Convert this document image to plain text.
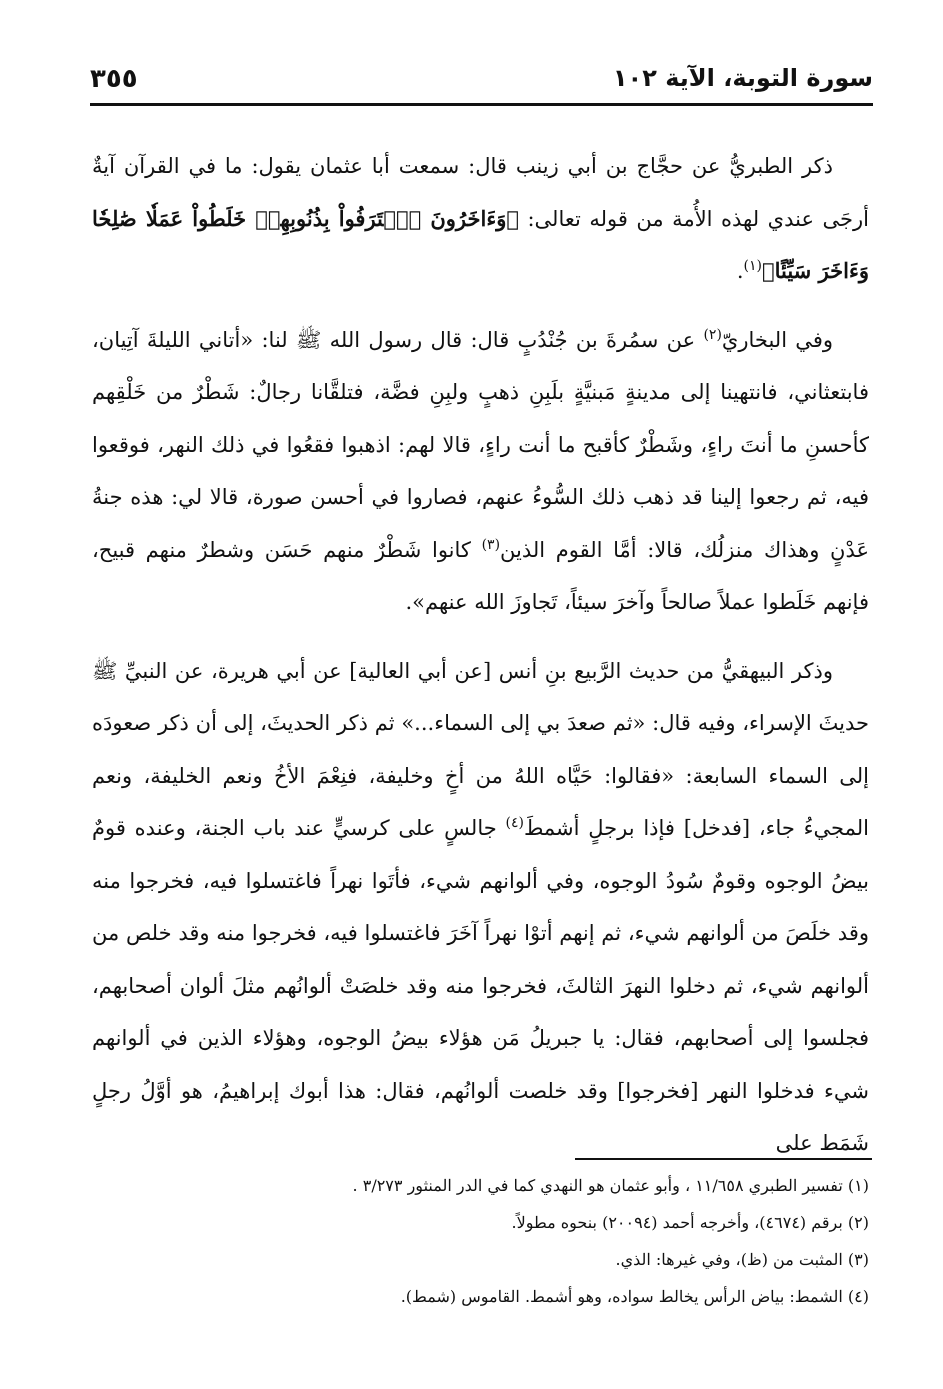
سورة التوبة، الآية ١٠٢
٣٥٥

ذكر الطبريُّ عن حجَّاج بن أبي زينب قال: سمعت أبا عثمان يقول: ما في القرآن آيةٌ أرجَى عندي لهذه الأُمة من قوله تعالى: ﴿وَءَاخَرُونَ ٱعۡتَرَفُواْ بِذُنُوبِهِمۡ خَلَطُواْ عَمَلٗا صَٰلِحٗا وَءَاخَرَ سَيِّئًا﴾$^{(١)}$.

وفي البخاريّ$^{(٢)}$ عن سمُرةَ بن جُنْدُبٍ قال: قال رسول الله ﷺ لنا: «أتاني الليلةَ آتِيان، فابتعثاني، فانتهينا إلى مدينةٍ مَبنيَّةٍ بلَبِنِ ذهبٍ ولبِنِ فضَّة، فتلقَّانا رجالٌ: شَطْرٌ من خَلْقِهم كأحسنِ ما أنتَ راءٍ، وشَطْرٌ كأقبح ما أنت راءٍ، قالا لهم: اذهبوا فقعُوا في ذلك النهر، فوقعوا فيه، ثم رجعوا إلينا قد ذهب ذلك السُّوءُ عنهم، فصاروا في أحسن صورة، قالا لي: هذه جنةُ عَدْنٍ وهذاك منزلُك، قالا: أمَّا القوم الذين$^{(٣)}$ كانوا شَطْرٌ منهم حَسَن وشطرٌ منهم قبيح، فإنهم خَلَطوا عملاً صالحاً وآخرَ سيئاً، تَجاوزَ الله عنهم».

وذكر البيهقيُّ من حديث الرَّبيع بنِ أنس [عن أبي العالية] عن أبي هريرة، عن النبيِّ ﷺ حديثَ الإسراء، وفيه قال: «ثم صعدَ بي إلى السماء...» ثم ذكر الحديثَ، إلى أن ذكر صعودَه إلى السماء السابعة: «فقالوا: حَيَّاه اللهُ من أخٍ وخليفة، فنِعْمَ الأخُ ونعم الخليفة، ونعم المجيءُ جاء، [فدخل] فإذا برجلٍ أشمطَ$^{(٤)}$ جالسٍ على كرسيٍّ عند باب الجنة، وعنده قومٌ بيضُ الوجوه وقومٌ سُودُ الوجوه، وفي ألوانهم شيء، فأتَوا نهراً فاغتسلوا فيه، فخرجوا منه وقد خلَصَ من ألوانهم شيء، ثم إنهم أتوْا نهراً آخَرَ فاغتسلوا فيه، فخرجوا منه وقد خلص من ألوانهم شيء، ثم دخلوا النهرَ الثالثَ، فخرجوا منه وقد خلصَتْ ألوانُهم مثلَ ألوان أصحابهم، فجلسوا إلى أصحابهم، فقال: يا جبريلُ مَن هؤلاء بيضُ الوجوه، وهؤلاء الذين في ألوانهم شيء فدخلوا النهر [فخرجوا] وقد خلصت ألوانُهم، فقال: هذا أبوك إبراهيمُ، هو أوَّلُ رجلٍ شَمَط على

(١) تفسير الطبري ١١/٦٥٨ ، وأبو عثمان هو النهدي كما في الدر المنثور ٣/٢٧٣ .
(٢) برقم (٤٦٧٤)، وأخرجه أحمد (٢٠٠٩٤) بنحوه مطولاً.
(٣) المثبت من (ظ)، وفي غيرها: الذي.
(٤) الشمط: بياض الرأس يخالط سواده، وهو أشمط. القاموس (شمط).
